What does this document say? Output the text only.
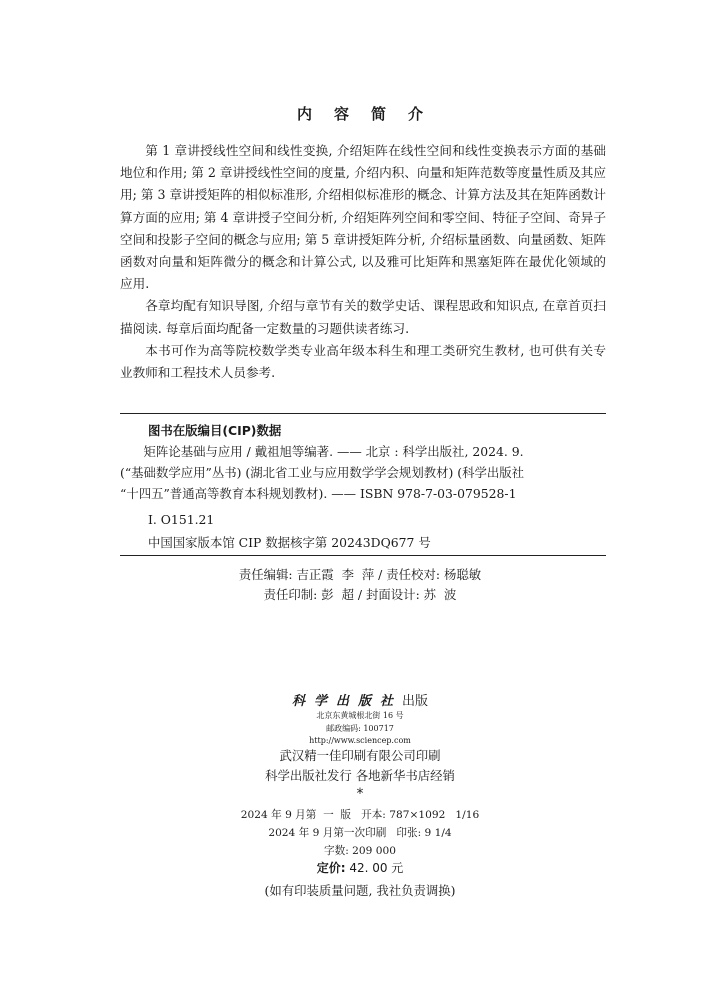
内容简介

第 1 章讲授线性空间和线性变换, 介绍矩阵在线性空间和线性变换表示方面的基础地位和作用; 第 2 章讲授线性空间的度量, 介绍内积、向量和矩阵范数等度量性质及其应用; 第 3 章讲授矩阵的相似标准形, 介绍相似标准形的概念、计算方法及其在矩阵函数计算方面的应用; 第 4 章讲授子空间分析, 介绍矩阵列空间和零空间、特征子空间、奇异子空间和投影子空间的概念与应用; 第 5 章讲授矩阵分析, 介绍标量函数、向量函数、矩阵函数对向量和矩阵微分的概念和计算公式, 以及雅可比矩阵和黑塞矩阵在最优化领域的应用.

各章均配有知识导图, 介绍与章节有关的数学史话、课程思政和知识点, 在章首页扫描阅读. 每章后面均配备一定数量的习题供读者练习.

本书可作为高等院校数学类专业高年级本科生和理工类研究生教材, 也可供有关专业教师和工程技术人员参考.

图书在版编目(CIP)数据
矩阵论基础与应用 / 戴祖旭等编著. —— 北京 : 科学出版社, 2024. 9.
(“基础数学应用”丛书) (湖北省工业与应用数学学会规划教材) (科学出版社
“十四五”普通高等教育本科规划教材). —— ISBN 978-7-03-079528-1
Ⅰ. O151.21
中国国家版本馆 CIP 数据核字第 20243DQ677 号
责任编辑: 吉正霞  李  萍 / 责任校对: 杨聪敏
责任印制: 彭  超 / 封面设计: 苏  波
科学出版社出版
北京东黄城根北街 16 号
邮政编码: 100717
http://www.sciencep.com
武汉精一佳印刷有限公司印刷
科学出版社发行 各地新华书店经销
*
2024 年 9 月第  一  版   开本: 787×1092   1/16
2024 年 9 月第一次印刷   印张: 9 1/4
字数: 209 000
定价: 42. 00 元
(如有印装质量问题, 我社负责调换)
